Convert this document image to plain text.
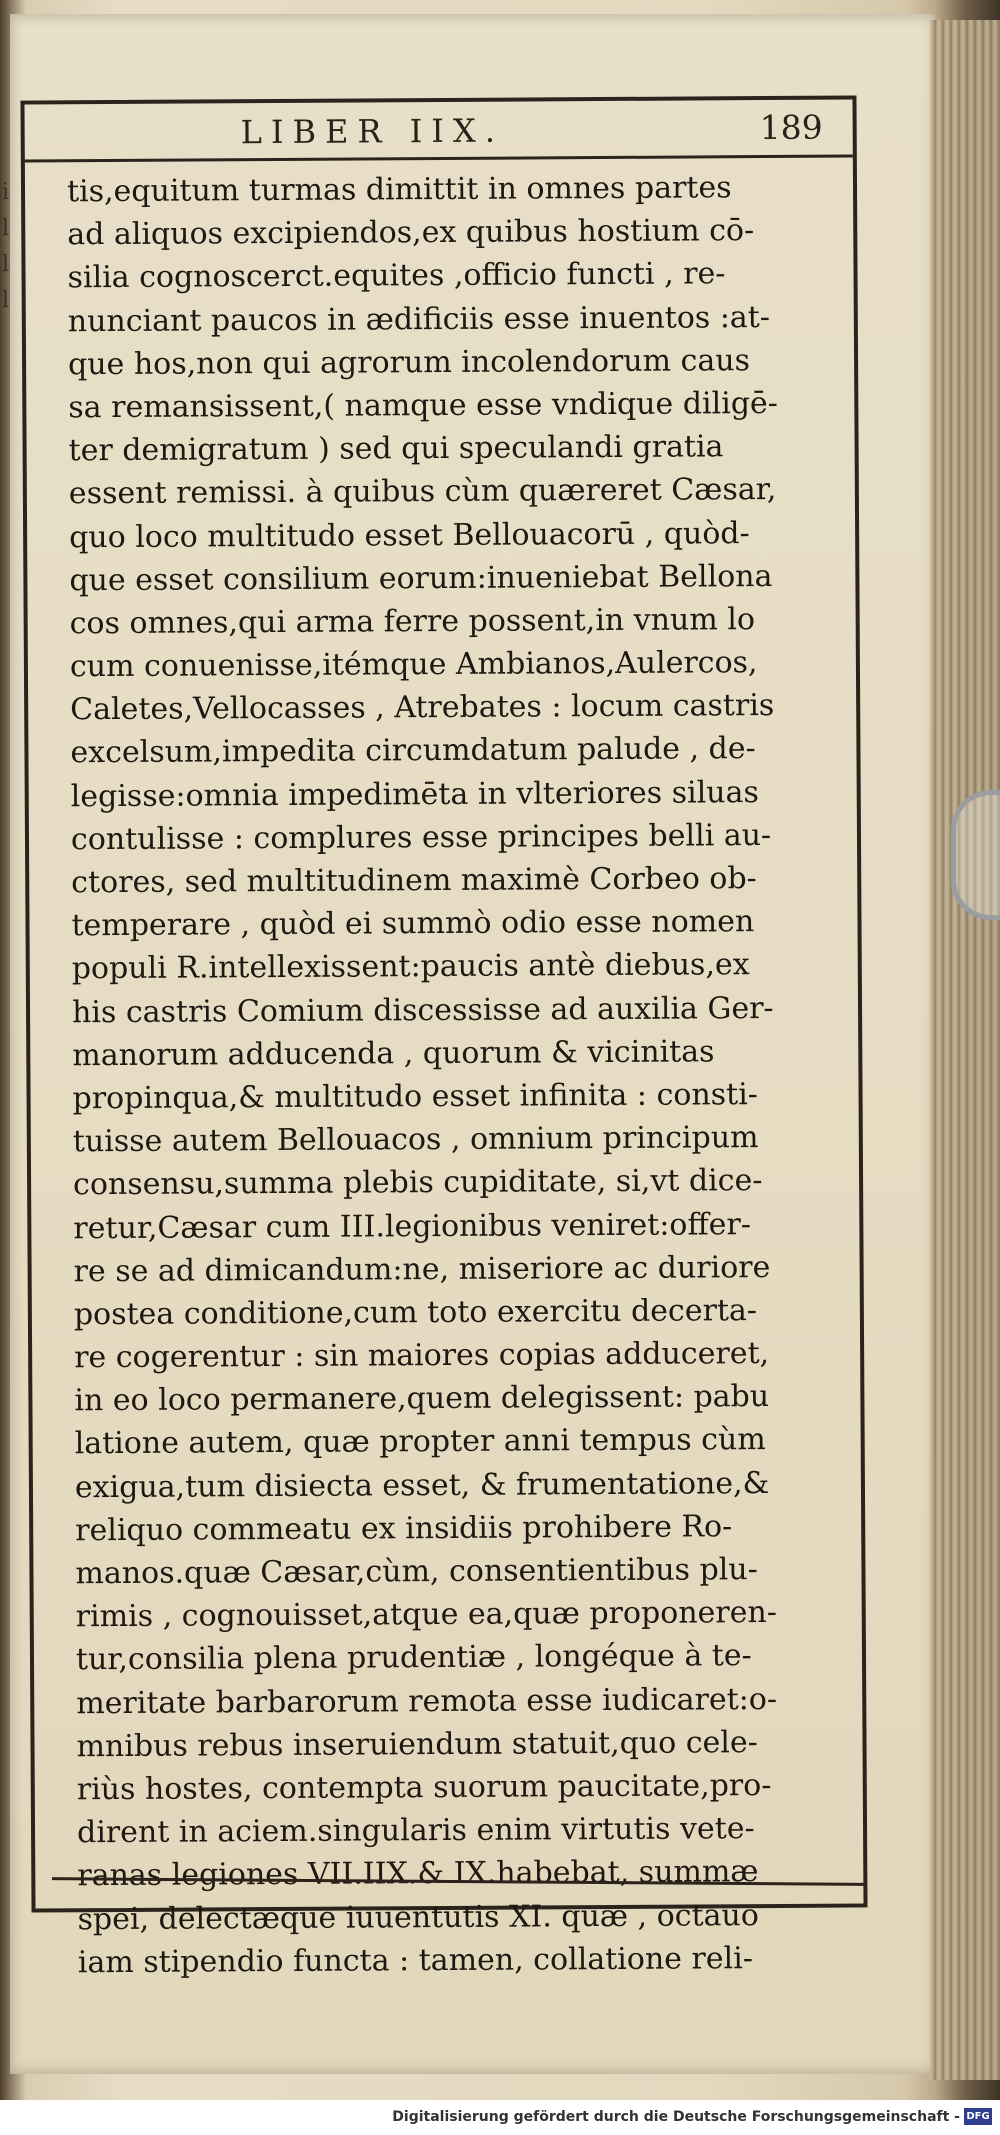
i
l
l
l
LIBER IIX.	189
tis,equitum turmas dimittit in omnes partes
ad aliquos excipiendos,ex quibus hostium cō-
silia cognoscerct.equites ,officio functi , re-
nunciant paucos in ædificiis esse inuentos :at-
que hos,non qui agrorum incolendorum caus
sa remansissent,( namque esse vndique diligē-
ter demigratum ) sed qui speculandi gratia
essent remissi. à quibus cùm quæreret Cæsar,
quo loco multitudo esset Bellouacorū , quòd-
que esset consilium eorum:inueniebat Bellona
cos omnes,qui arma ferre possent,in vnum lo
cum conuenisse,itémque Ambianos,Aulercos,
Caletes,Vellocasses , Atrebates : locum castris
excelsum,impedita circumdatum palude , de-
legisse:omnia impedimēta in vlteriores siluas
contulisse : complures esse principes belli au-
ctores, sed multitudinem maximè Corbeo ob-
temperare , quòd ei summò odio esse nomen
populi R.intellexissent:paucis antè diebus,ex
his castris Comium discessisse ad auxilia Ger-
manorum adducenda , quorum & vicinitas
propinqua,& multitudo esset infinita : consti-
tuisse autem Bellouacos , omnium principum
consensu,summa plebis cupiditate, si,vt dice-
retur,Cæsar cum III.legionibus veniret:offer-
re se ad dimicandum:ne, miseriore ac duriore
postea conditione,cum toto exercitu decerta-
re cogerentur : sin maiores copias adduceret,
in eo loco permanere,quem delegissent: pabu
latione autem, quæ propter anni tempus cùm
exigua,tum disiecta esset, & frumentatione,&
reliquo commeatu ex insidiis prohibere Ro-
manos.quæ Cæsar,cùm, consentientibus plu-
rimis , cognouisset,atque ea,quæ proponeren-
tur,consilia plena prudentiæ , longéque à te-
meritate barbarorum remota esse iudicaret:o-
mnibus rebus inseruiendum statuit,quo cele-
riùs hostes, contempta suorum paucitate,pro-
dirent in aciem.singularis enim virtutis vete-
ranas legiones VII.IIX.& IX.habebat, summæ
spei, delectæque iuuentutis XI. quæ , octauo
iam stipendio functa : tamen, collatione reli-
Digitalisierung gefördert durch die Deutsche Forschungsgemeinschaft - DFG
